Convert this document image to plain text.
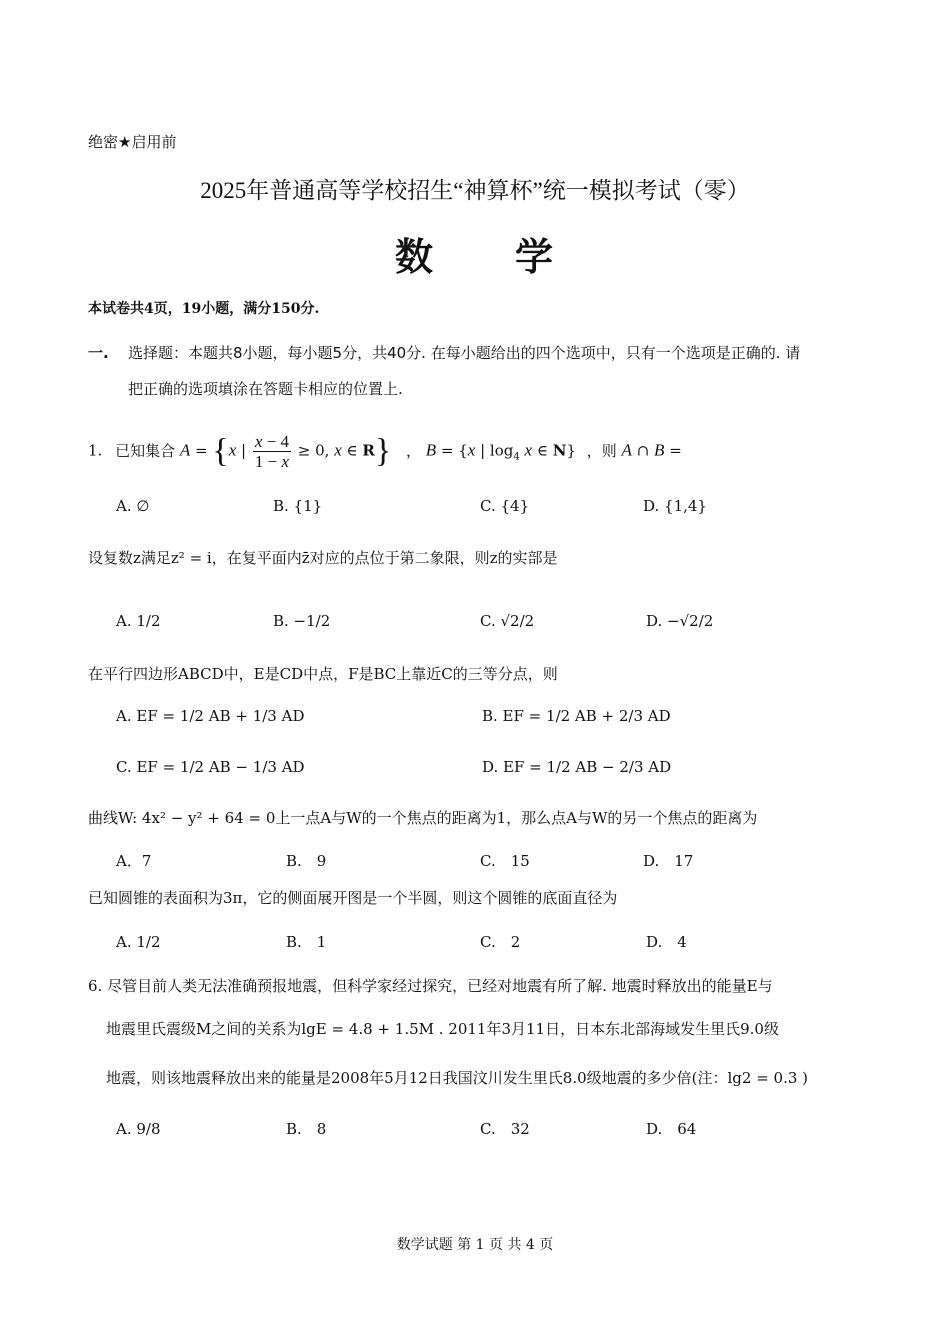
绝密★启用前
2025年普通高等学校招生“神算杯”统一模拟考试（零）
数　　学
本试卷共4页，19小题，满分150分.
一. 选择题：本题共8小题，每小题5分，共40分. 在每小题给出的四个选项中，只有一个选项是正确的. 请
把正确的选项填涂在答题卡相应的位置上.
1. 已知集合 A = {x | $\frac{x - 4}{1 - x} \ge 0$, x ∈ R} ， B = {x | $\log_4 x$ ∈ N} ，则 A ∩ B =
A. ∅	B. {1}	C. {4}	D. {1,4}
设复数z满足z² = i，在复平面内z̄对应的点位于第二象限，则z的实部是
A. 1/2	B. −1/2	C. √2/2	D. −√2/2
在平行四边形ABCD中，E是CD中点，F是BC上靠近C的三等分点，则
A. EF = 1/2 AB + 1/3 AD	B. EF = 1/2 AB + 2/3 AD
C. EF = 1/2 AB − 1/3 AD	D. EF = 1/2 AB − 2/3 AD
曲线W: 4x² − y² + 64 = 0上一点A与W的一个焦点的距离为1，那么点A与W的另一个焦点的距离为
A．7	B.　9	C.　15	D.　17
已知圆锥的表面积为3π，它的侧面展开图是一个半圆，则这个圆锥的底面直径为
A. 1/2	B.　1	C.　2	D.　4
6. 尽管目前人类无法准确预报地震，但科学家经过探究，已经对地震有所了解. 地震时释放出的能量E与
地震里氏震级M之间的关系为lgE = 4.8 + 1.5M . 2011年3月11日，日本东北部海域发生里氏9.0级
地震，则该地震释放出来的能量是2008年5月12日我国汶川发生里氏8.0级地震的多少倍(注：lg2 = 0.3 )
A. 9/8	B.　8	C.　32	D.　64
数学试题 第 1 页 共 4 页
